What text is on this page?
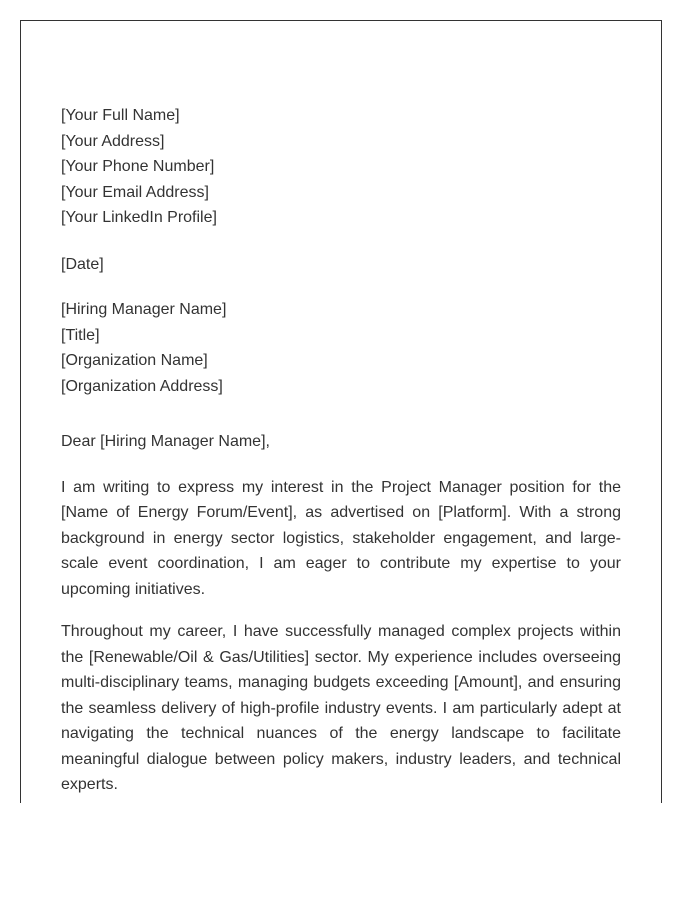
[Your Full Name]
[Your Address]
[Your Phone Number]
[Your Email Address]
[Your LinkedIn Profile]
[Date]
[Hiring Manager Name]
[Title]
[Organization Name]
[Organization Address]
Dear [Hiring Manager Name],

I am writing to express my interest in the Project Manager position for the [Name of Energy Forum/Event], as advertised on [Platform]. With a strong background in energy sector logistics, stakeholder engagement, and large-scale event coordination, I am eager to contribute my expertise to your upcoming initiatives.

Throughout my career, I have successfully managed complex projects within the [Renewable/Oil & Gas/Utilities] sector. My experience includes overseeing multi-disciplinary teams, managing budgets exceeding [Amount], and ensuring the seamless delivery of high-profile industry events. I am particularly adept at navigating the technical nuances of the energy landscape to facilitate meaningful dialogue between policy makers, industry leaders, and technical experts.
